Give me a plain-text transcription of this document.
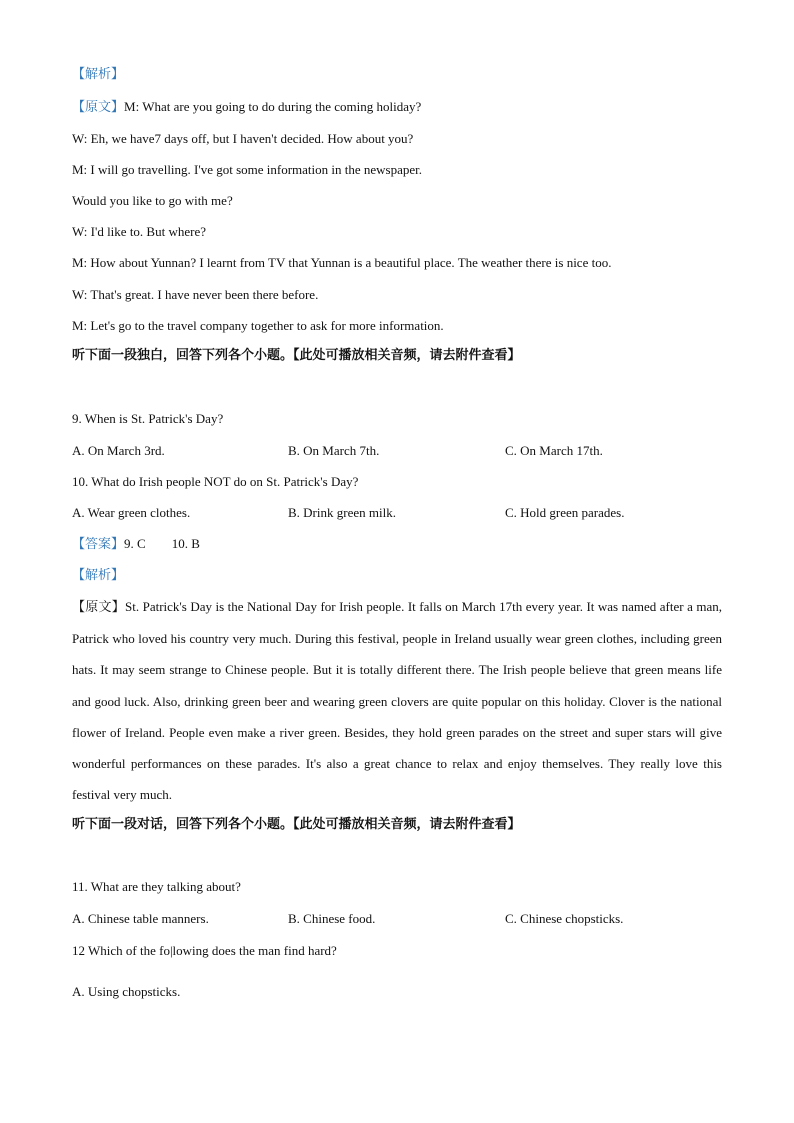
【解析】
【原文】M: What are you going to do during the coming holiday?
W: Eh, we have7 days off, but I haven't decided. How about you?
M: I will go travelling. I've got some information in the newspaper.
Would you like to go with me?
W: I'd like to. But where?
M: How about Yunnan? I learnt from TV that Yunnan is a beautiful place. The weather there is nice too.
W: That's great. I have never been there before.
M: Let's go to the travel company together to ask for more information.
听下面一段独白，回答下列各个小题。【此处可播放相关音频，请去附件查看】
9. When is St. Patrick's Day?
A. On March 3rd.	B. On March 7th.	C. On March 17th.
10. What do Irish people NOT do on St. Patrick's Day?
A. Wear green clothes.	B. Drink green milk.	C. Hold green parades.
【答案】9. C 10. B
【解析】
【原文】St. Patrick's Day is the National Day for Irish people. It falls on March 17th every year. It was named after a man, Patrick who loved his country very much. During this festival, people in Ireland usually wear green clothes, including green hats. It may seem strange to Chinese people. But it is totally different there. The Irish people believe that green means life and good luck. Also, drinking green beer and wearing green clovers are quite popular on this holiday. Clover is the national flower of Ireland. People even make a river green. Besides, they hold green parades on the street and super stars will give wonderful performances on these parades. It's also a great chance to relax and enjoy themselves. They really love this festival very much.
听下面一段对话，回答下列各个小题。【此处可播放相关音频，请去附件查看】
11. What are they talking about?
A. Chinese table manners.	B. Chinese food.	C. Chinese chopsticks.
12 Which of the fo|lowing does the man find hard?
A. Using chopsticks.
